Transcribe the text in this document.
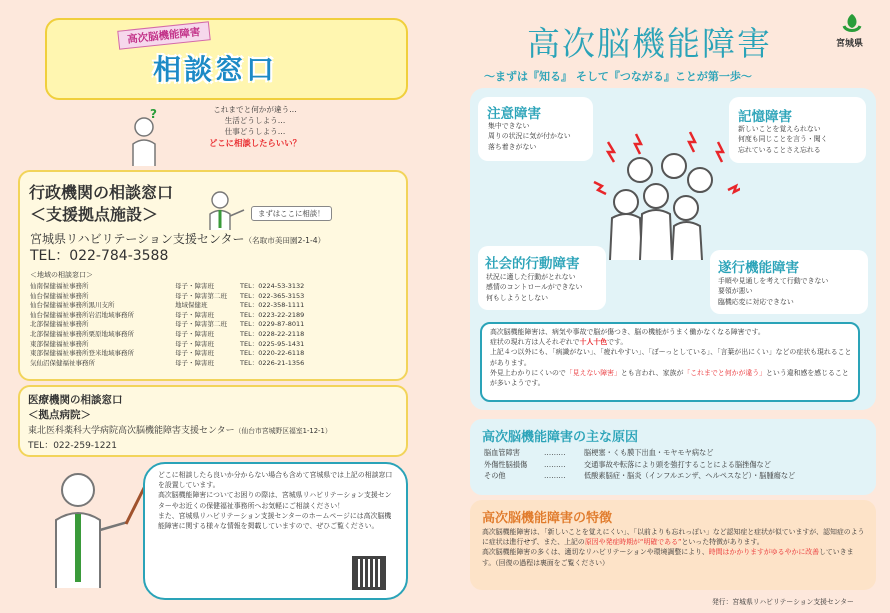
高次脳機能障害
相談窓口
?	これまでと何かが違う…
生活どうしよう…
仕事どうしよう…
どこに相談したらいい？
行政機関の相談窓口
＜支援拠点施設＞	まずはここに相談！
宮城県リハビリテーション支援センター（名取市美田園2-1-4）
TEL：022-784-3588
＜地域の相談窓口＞
仙南保健福祉事務所	母子・障害班	TEL：0224-53-3132
仙台保健福祉事務所	母子・障害第二班	TEL：022-365-3153
仙台保健福祉事務所黒川支所	地域保健班	TEL：022-358-1111
仙台保健福祉事務所岩沼地域事務所	母子・障害班	TEL：0223-22-2189
北部保健福祉事務所	母子・障害第二班	TEL：0229-87-8011
北部保健福祉事務所栗原地域事務所	母子・障害班	TEL：0228-22-2118
東部保健福祉事務所	母子・障害班	TEL：0225-95-1431
東部保健福祉事務所登米地域事務所	母子・障害班	TEL：0220-22-6118
気仙沼保健福祉事務所	母子・障害班	TEL：0226-21-1356
医療機関の相談窓口
＜拠点病院＞
東北医科薬科大学病院高次脳機能障害支援センター（仙台市宮城野区福室1-12-1）
TEL：022-259-1221
どこに相談したら良いか分からない場合も含めて宮城県では上記の相談窓口を設置しています。
高次脳機能障害についてお困りの際は、宮城県リハビリテーション支援センターやお近くの保健福祉事務所へお気軽にご相談ください！
また、宮城県リハビリテーション支援センターのホームページには高次脳機能障害に関する様々な情報を掲載していますので、ぜひご覧ください。
宮城県
高次脳機能障害
～まずは『知る』 そして『つながる』ことが第一歩～
注意障害
集中できない
周りの状況に気が付かない
落ち着きがない
記憶障害
新しいことを覚えられない
何度も同じことを言う・聞く
忘れていることさえ忘れる
社会的行動障害
状況に適した行動がとれない
感情のコントロールができない
何もしようとしない
遂行機能障害
手順や見通しを考えて行動できない
要領が悪い
臨機応変に対応できない
高次脳機能障害は、病気や事故で脳が傷つき、脳の機能がうまく働かなくなる障害です。
症状の現れ方は人それぞれで十人十色です。
上記４つ以外にも、「病識がない」、「疲れやすい」、「ぼーっとしている」、「言葉が出にくい」などの症状も現れることがあります。
外見上わかりにくいので「見えない障害」とも言われ、家族が「これまでと何かが違う」という違和感を感じることが多いようです。
高次脳機能障害の主な原因
脳血管障害	………	脳梗塞・くも膜下出血・モヤモヤ病など
外傷性脳損傷	………	交通事故や転落により頭を強打することによる脳挫傷など
その他	………	低酸素脳症・脳炎（インフルエンザ、ヘルペスなど）・脳腫瘍など
高次脳機能障害の特徴
高次脳機能障害は、「新しいことを覚えにくい」、「以前よりも忘れっぽい」など認知症と症状が似ていますが、認知症のように症状は進行せず、また、上記の原因や発症時期が“明確である”といった特徴があります。
高次脳機能障害の多くは、適切なリハビリテーションや環境調整により、時間はかかりますがゆるやかに改善していきます。（回復の過程は裏面をご覧ください）
発行：宮城県リハビリテーション支援センター
